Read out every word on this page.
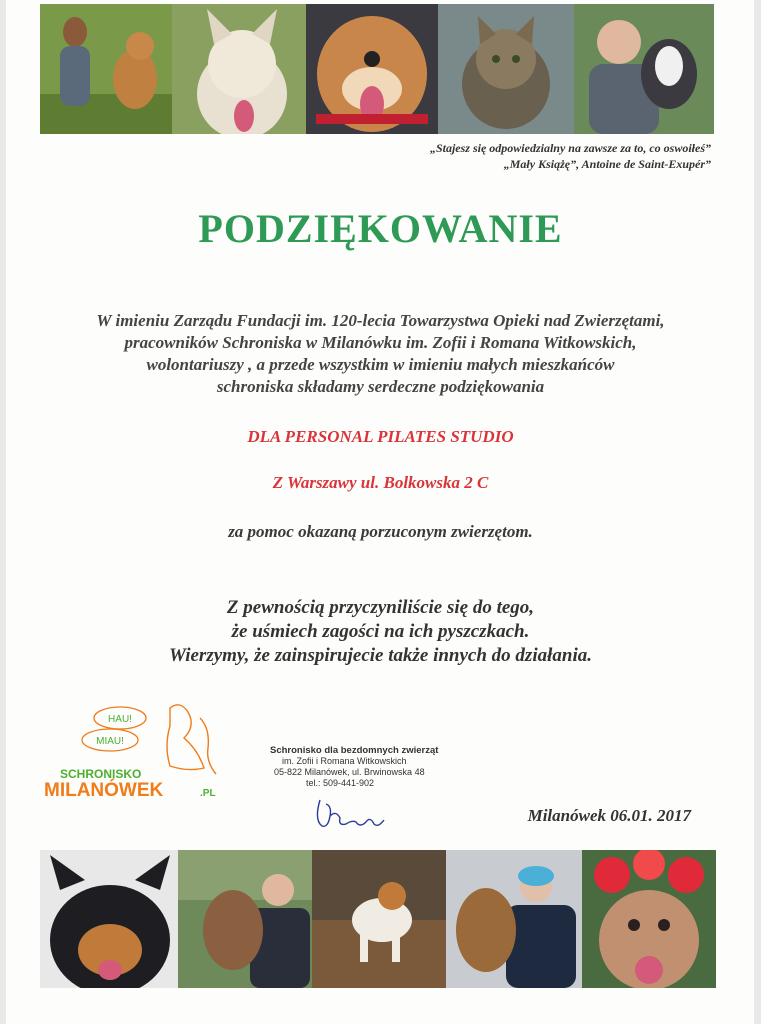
„Stajesz się odpowiedzialny na zawsze za to, co oswoiłeś”
„Mały Książę”, Antoine de Saint-Exupér”
PODZIĘKOWANIE
W imieniu Zarządu Fundacji im. 120-lecia Towarzystwa Opieki nad Zwierzętami,
pracowników Schroniska w Milanówku im. Zofii i Romana Witkowskich,
wolontariuszy , a przede wszystkim w imieniu małych mieszkańców
schroniska składamy serdeczne podziękowania
DLA PERSONAL PILATES STUDIO
Z Warszawy ul. Bolkowska 2 C
za pomoc okazaną porzuconym zwierzętom.
Z pewnością przyczyniliście się do tego,
że uśmiech zagości na ich pyszczkach.
Wierzymy, że zainspirujecie także innych do działania.
HAU!
MIAU!
SCHRONISKO
MILANÓWEK	.PL
Schronisko dla bezdomnych zwierząt
im. Zofii i Romana Witkowskich
05-822 Milanówek, ul. Brwinowska 48
tel.: 509-441-902
Milanówek 06.01. 2017
